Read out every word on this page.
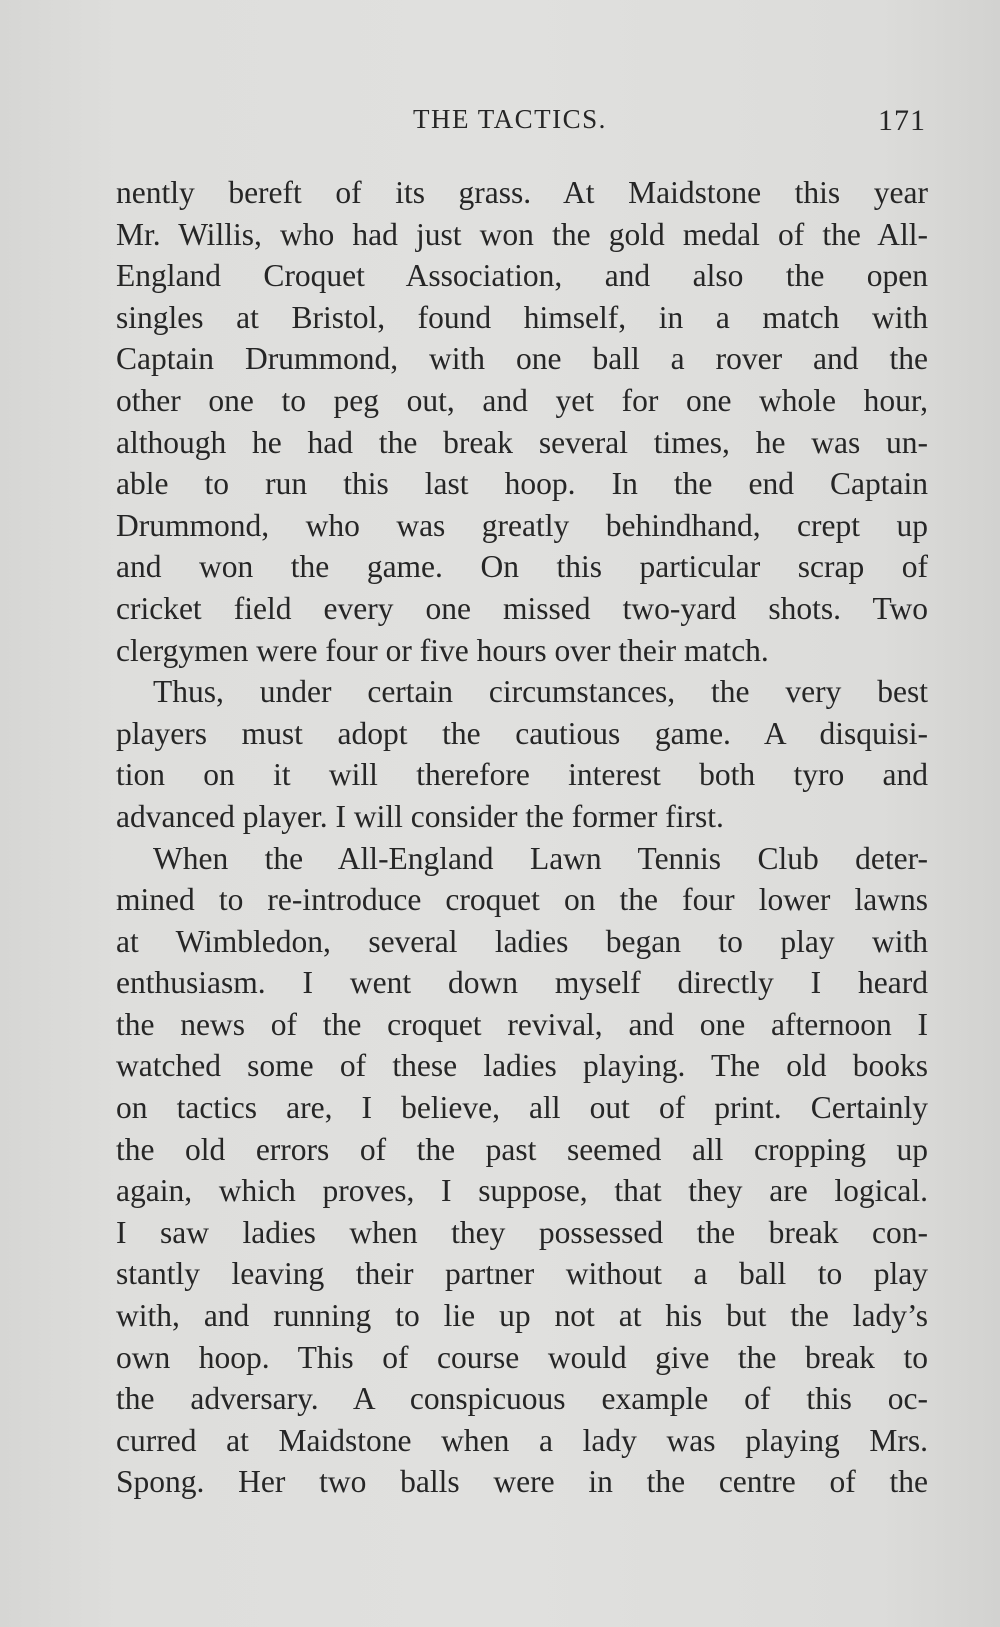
THE TACTICS.	171
nently bereft of its grass. At Maidstone this year
Mr. Willis, who had just won the gold medal of the All-
England Croquet Association, and also the open
singles at Bristol, found himself, in a match with
Captain Drummond, with one ball a rover and the
other one to peg out, and yet for one whole hour,
although he had the break several times, he was un-
able to run this last hoop. In the end Captain
Drummond, who was greatly behindhand, crept up
and won the game. On this particular scrap of
cricket field every one missed two-yard shots. Two
clergymen were four or five hours over their match.
Thus, under certain circumstances, the very best
players must adopt the cautious game. A disquisi-
tion on it will therefore interest both tyro and
advanced player. I will consider the former first.
When the All-England Lawn Tennis Club deter-
mined to re-introduce croquet on the four lower lawns
at Wimbledon, several ladies began to play with
enthusiasm. I went down myself directly I heard
the news of the croquet revival, and one afternoon I
watched some of these ladies playing. The old books
on tactics are, I believe, all out of print. Certainly
the old errors of the past seemed all cropping up
again, which proves, I suppose, that they are logical.
I saw ladies when they possessed the break con-
stantly leaving their partner without a ball to play
with, and running to lie up not at his but the lady’s
own hoop. This of course would give the break to
the adversary. A conspicuous example of this oc-
curred at Maidstone when a lady was playing Mrs.
Spong. Her two balls were in the centre of the
